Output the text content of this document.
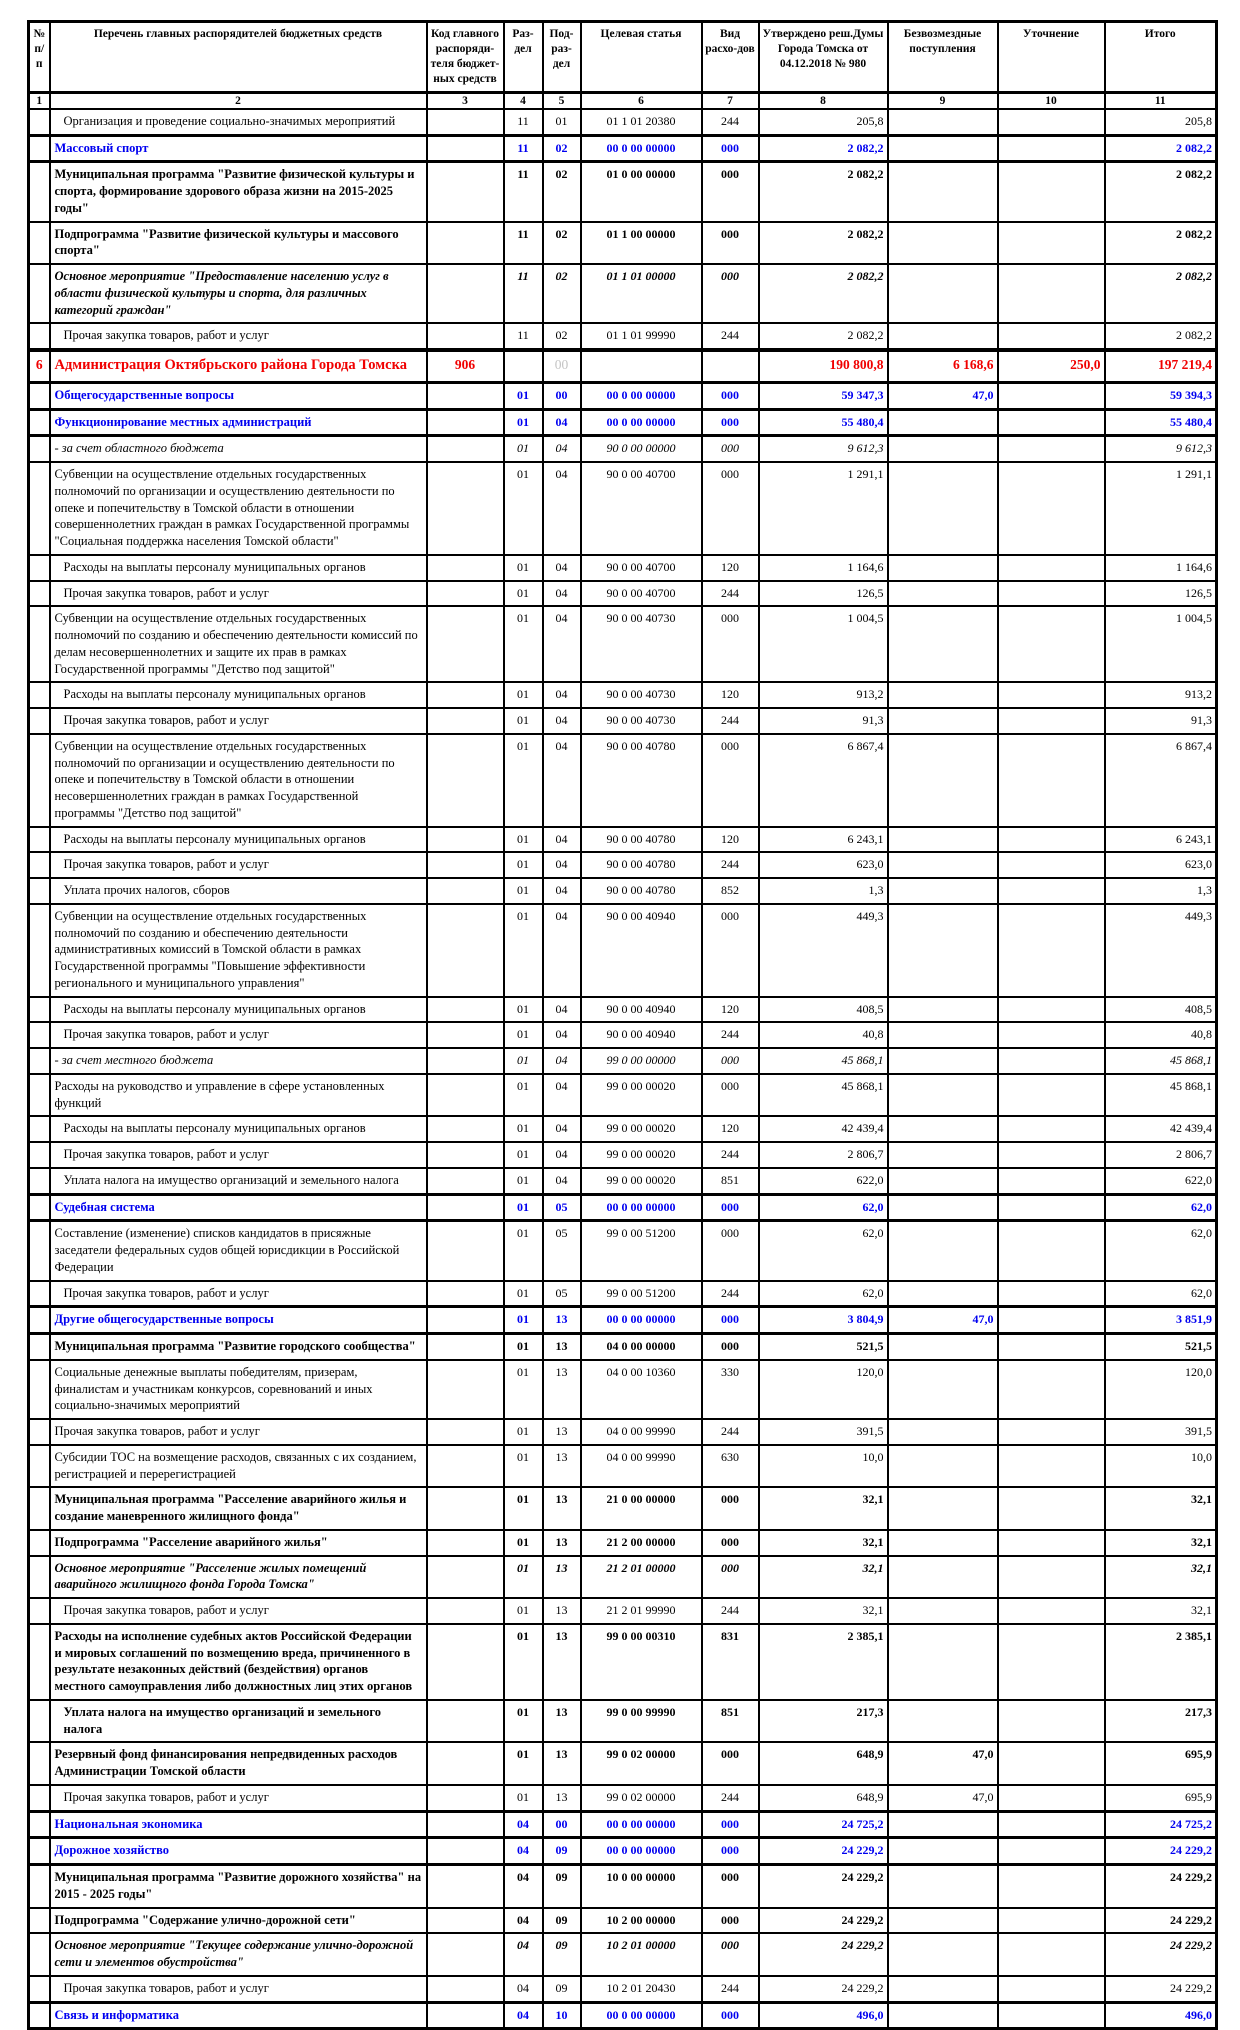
№ п/п	Перечень главных распорядителей бюджетных средств	Код главного распоряди-теля бюджет-ных средств	Раз-дел	Под-раз-дел	Целевая статья	Вид расхо-дов	Утверждено реш.Думы Города Томска от 04.12.2018 № 980	Безвозмездные поступления	Уточнение	Итого
1	2	3	4	5	6	7	8	9	10	11
	Организация и проведение социально-значимых мероприятий		11	01	01 1 01 20380	244	205,8			205,8
	Массовый спорт		11	02	00 0 00 00000	000	2 082,2			2 082,2
	Муниципальная программа "Развитие физической культуры и спорта, формирование здорового образа жизни на 2015-2025 годы"		11	02	01 0 00 00000	000	2 082,2			2 082,2
	Подпрограмма "Развитие физической культуры и массового спорта"		11	02	01 1 00 00000	000	2 082,2			2 082,2
	Основное мероприятие "Предоставление населению услуг в области физической культуры и спорта, для различных категорий граждан"		11	02	01 1 01 00000	000	2 082,2			2 082,2
	Прочая закупка товаров, работ и услуг		11	02	01 1 01 99990	244	2 082,2			2 082,2
6	Администрация Октябрьского района Города Томска	906		00			190 800,8	6 168,6	250,0	197 219,4
	Общегосударственные вопросы		01	00	00 0 00 00000	000	59 347,3	47,0		59 394,3
	Функционирование местных администраций		01	04	00 0 00 00000	000	55 480,4			55 480,4
	- за счет областного бюджета		01	04	90 0 00 00000	000	9 612,3			9 612,3
	Субвенции на осуществление отдельных государственных полномочий по организации и осуществлению деятельности по опеке и попечительству в Томской области в отношении совершеннолетних граждан в рамках Государственной программы "Социальная поддержка населения Томской области"		01	04	90 0 00 40700	000	1 291,1			1 291,1
	Расходы на выплаты персоналу муниципальных органов		01	04	90 0 00 40700	120	1 164,6			1 164,6
	Прочая закупка товаров, работ и услуг		01	04	90 0 00 40700	244	126,5			126,5
	Субвенции на осуществление отдельных государственных полномочий по созданию и обеспечению деятельности комиссий по делам несовершеннолетних и защите их прав в рамках Государственной программы "Детство под защитой"		01	04	90 0 00 40730	000	1 004,5			1 004,5
	Расходы на выплаты персоналу муниципальных органов		01	04	90 0 00 40730	120	913,2			913,2
	Прочая закупка товаров, работ и услуг		01	04	90 0 00 40730	244	91,3			91,3
	Субвенции на осуществление отдельных государственных полномочий по организации и осуществлению деятельности по опеке и попечительству в Томской области в отношении несовершеннолетних граждан в рамках Государственной программы "Детство под защитой"		01	04	90 0 00 40780	000	6 867,4			6 867,4
	Расходы на выплаты персоналу муниципальных органов		01	04	90 0 00 40780	120	6 243,1			6 243,1
	Прочая закупка товаров, работ и услуг		01	04	90 0 00 40780	244	623,0			623,0
	Уплата прочих налогов, сборов		01	04	90 0 00 40780	852	1,3			1,3
	Субвенции на осуществление отдельных государственных полномочий по созданию и обеспечению деятельности административных комиссий в Томской области в рамках Государственной программы "Повышение эффективности регионального и муниципального управления"		01	04	90 0 00 40940	000	449,3			449,3
	Расходы на выплаты персоналу муниципальных органов		01	04	90 0 00 40940	120	408,5			408,5
	Прочая закупка товаров, работ и услуг		01	04	90 0 00 40940	244	40,8			40,8
	- за счет местного бюджета		01	04	99 0 00 00000	000	45 868,1			45 868,1
	Расходы на руководство и управление в сфере установленных функций		01	04	99 0 00 00020	000	45 868,1			45 868,1
	Расходы на выплаты персоналу муниципальных органов		01	04	99 0 00 00020	120	42 439,4			42 439,4
	Прочая закупка товаров, работ и услуг		01	04	99 0 00 00020	244	2 806,7			2 806,7
	Уплата налога на имущество организаций и земельного налога		01	04	99 0 00 00020	851	622,0			622,0
	Судебная система		01	05	00 0 00 00000	000	62,0			62,0
	Составление (изменение) списков кандидатов в присяжные заседатели федеральных судов общей юрисдикции в Российской Федерации		01	05	99 0 00 51200	000	62,0			62,0
	Прочая закупка товаров, работ и услуг		01	05	99 0 00 51200	244	62,0			62,0
	Другие общегосударственные вопросы		01	13	00 0 00 00000	000	3 804,9	47,0		3 851,9
	Муниципальная программа "Развитие городского сообщества"		01	13	04 0 00 00000	000	521,5			521,5
	Социальные денежные выплаты победителям, призерам, финалистам и участникам конкурсов, соревнований и иных социально-значимых мероприятий		01	13	04 0 00 10360	330	120,0			120,0
	Прочая закупка товаров, работ и услуг		01	13	04 0 00 99990	244	391,5			391,5
	Субсидии ТОС на возмещение расходов, связанных с их созданием, регистрацией и перерегистрацией		01	13	04 0 00 99990	630	10,0			10,0
	Муниципальная программа "Расселение аварийного жилья и создание маневренного жилищного фонда"		01	13	21 0 00 00000	000	32,1			32,1
	Подпрограмма "Расселение аварийного жилья"		01	13	21 2 00 00000	000	32,1			32,1
	Основное мероприятие "Расселение жилых помещений аварийного жилищного фонда Города Томска"		01	13	21 2 01 00000	000	32,1			32,1
	Прочая закупка товаров, работ и услуг		01	13	21 2 01 99990	244	32,1			32,1
	Расходы на исполнение судебных актов Российской Федерации и мировых соглашений по возмещению вреда, причиненного в результате незаконных действий (бездействия) органов местного самоуправления либо должностных лиц этих органов		01	13	99 0 00 00310	831	2 385,1			2 385,1
	Уплата налога на имущество организаций и земельного налога		01	13	99 0 00 99990	851	217,3			217,3
	Резервный фонд финансирования непредвиденных расходов Администрации Томской области		01	13	99 0 02 00000	000	648,9	47,0		695,9
	Прочая закупка товаров, работ и услуг		01	13	99 0 02 00000	244	648,9	47,0		695,9
	Национальная экономика		04	00	00 0 00 00000	000	24 725,2			24 725,2
	Дорожное хозяйство		04	09	00 0 00 00000	000	24 229,2			24 229,2
	Муниципальная программа "Развитие дорожного хозяйства" на 2015 - 2025 годы"		04	09	10 0 00 00000	000	24 229,2			24 229,2
	Подпрограмма "Содержание улично-дорожной сети"		04	09	10 2 00 00000	000	24 229,2			24 229,2
	Основное мероприятие "Текущее содержание улично-дорожной сети и элементов обустройства"		04	09	10 2 01 00000	000	24 229,2			24 229,2
	Прочая закупка товаров, работ и услуг		04	09	10 2 01 20430	244	24 229,2			24 229,2
	Связь и информатика		04	10	00 0 00 00000	000	496,0			496,0
